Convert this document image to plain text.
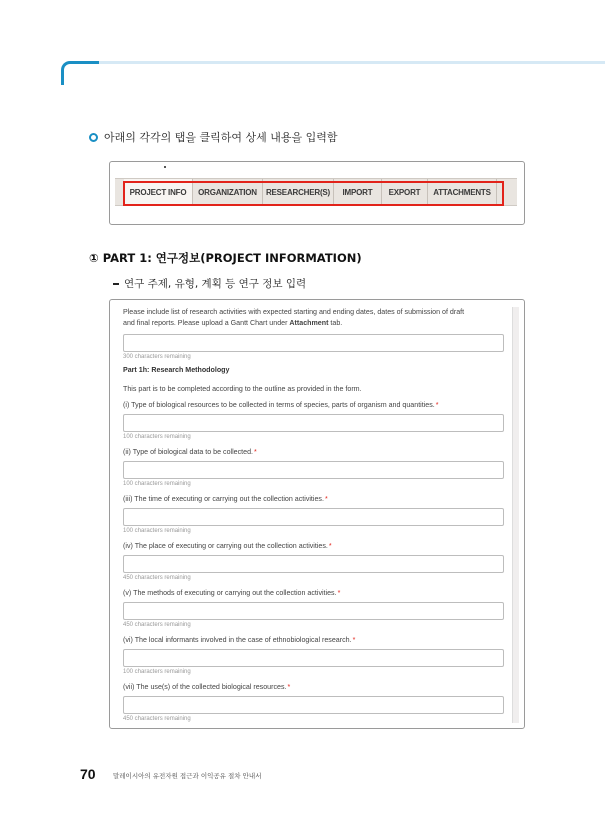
아래의 각각의 탭을 클릭하여 상세 내용을 입력함
PROJECT INFO	ORGANIZATION	RESEARCHER(S)	IMPORT	EXPORT	ATTACHMENTS
① PART 1: 연구정보(PROJECT INFORMATION)
연구 주제, 유형, 계획 등 연구 정보 입력
Please include list of research activities with expected starting and ending dates, dates of submission of draft
and final reports. Please upload a Gantt Chart under Attachment tab.
300 characters remaining
Part 1h: Research Methodology
This part is to be completed according to the outline as provided in the form.
(i) Type of biological resources to be collected in terms of species, parts of organism and quantities.*
100 characters remaining
(ii) Type of biological data to be collected.*
100 characters remaining
(iii) The time of executing or carrying out the collection activities.*
100 characters remaining
(iv) The place of executing or carrying out the collection activities.*
450 characters remaining
(v) The methods of executing or carrying out the collection activities.*
450 characters remaining
(vi) The local informants involved in the case of ethnobiological research.*
100 characters remaining
(vii) The use(s) of the collected biological resources.*
450 characters remaining
70	말레이시아의 유전자원 접근과 이익공유 절차 안내서
